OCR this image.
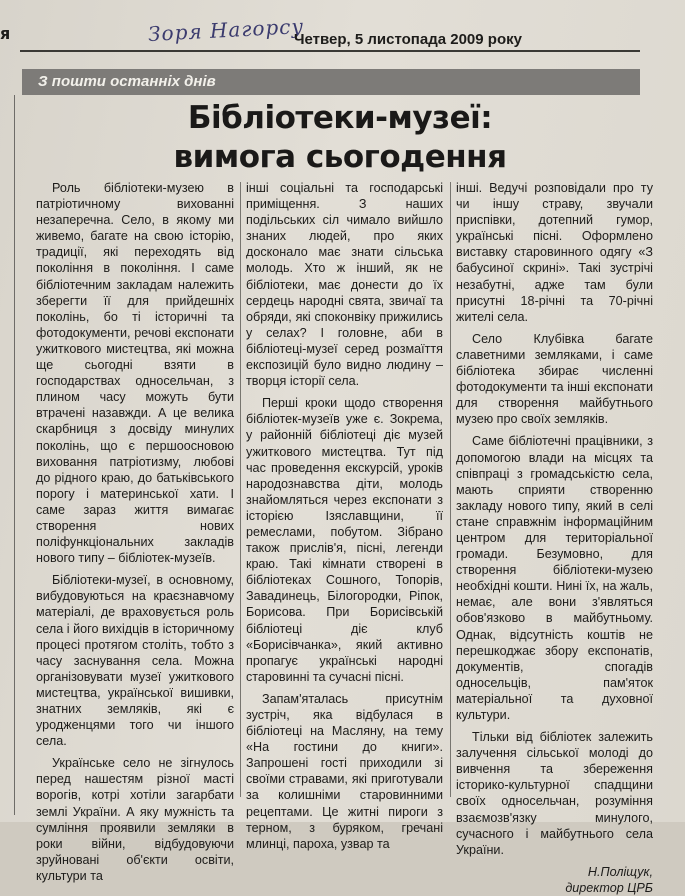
я	Зоря Нагорсу
Четвер, 5 листопада 2009 року
З пошти останніх днів
Бібліотеки-музеї:
вимога сьогодення

Роль бібліотеки-музею в патріотичному вихованні незаперечна. Село, в якому ми живемо, багате на свою історію, традиції, які переходять від покоління в покоління. І саме бібліотечним закладам належить зберегти її для прийдешніх поколінь, бо ті історичні та фотодокументи, речові експонати ужиткового мистецтва, які можна ще сьогодні взяти в господарствах односельчан, з плином часу можуть бути втрачені назавжди. А це велика скарбниця з досвіду минулих поколінь, що є першоосновою виховання патріотизму, любові до рідного краю, до батьківського порогу і материнської хати. І саме зараз життя вимагає створення нових поліфункціональних закладів нового типу – бібліотек-музеїв.

Бібліотеки-музеї, в основному, вибудовуються на краєзнавчому матеріалі, де враховується роль села і його вихідців в історичному процесі протягом століть, тобто з часу заснування села. Можна організовувати музеї ужиткового мистецтва, української вишивки, знатних земляків, які є уродженцями того чи іншого села.

Українське село не зігнулось перед нашестям різної масті ворогів, котрі хотіли загарбати землі України. А яку мужність та сумління проявили земляки в роки війни, відбудовуючи зруйновані об'єкти освіти, культури та

інші соціальні та господарські приміщення. З наших подільських сіл чимало вийшло знаних людей, про яких досконало має знати сільська молодь. Хто ж інший, як не бібліотеки, має донести до їх сердець народні свята, звичаї та обряди, які споконвіку прижились у селах? І головне, аби в бібліотеці-музеї серед розмаїття експозицій було видно людину – творця історії села.

Перші кроки щодо створення бібліотек-музеїв уже є. Зокрема, у районній бібліотеці діє музей ужиткового мистецтва. Тут під час проведення екскурсій, уроків народознавства діти, молодь знайомляться через експонати з історією Ізяславщини, її ремеслами, побутом. Зібрано також прислів'я, пісні, легенди краю. Такі кімнати створені в бібліотеках Сошного, Топорів, Завадинець, Білогородки, Ріпок, Борисова. При Борисівській бібліотеці діє клуб «Борисівчанка», який активно пропагує українські народні старовинні та сучасні пісні.

Запам'яталась присутнім зустріч, яка відбулася в бібліотеці на Масляну, на тему «На гостини до книги». Запрошені гості приходили зі своїми стравами, які приготували за колишніми старовинними рецептами. Це житні пироги з терном, з буряком, гречані млинці, пароха, узвар та

інші. Ведучі розповідали про ту чи іншу страву, звучали приспівки, дотепний гумор, українські пісні. Оформлено виставку старовинного одягу «З бабусиної скрині». Такі зустрічі незабутні, адже там були присутні 18-річні та 70-річні жителі села.

Село Клубівка багате славетними земляками, і саме бібліотека збирає численні фотодокументи та інші експонати для створення майбутнього музею про своїх земляків.

Саме бібліотечні працівники, з допомогою влади на місцях та співпраці з громадськістю села, мають сприяти створенню закладу нового типу, який в селі стане справжнім інформаційним центром для територіальної громади. Безумовно, для створення бібліотеки-музею необхідні кошти. Нині їх, на жаль, немає, але вони з'являться обов'язково в майбутньому. Однак, відсутність коштів не перешкоджає збору експонатів, документів, спогадів односельців, пам'яток матеріальної та духовної культури.

Тільки від бібліотек залежить залучення сільської молоді до вивчення та збереження історико-культурної спадщини своїх односельчан, розуміння взаємозв'язку минулого, сучасного і майбутнього села України.

Н.Поліщук,
директор ЦРБ
